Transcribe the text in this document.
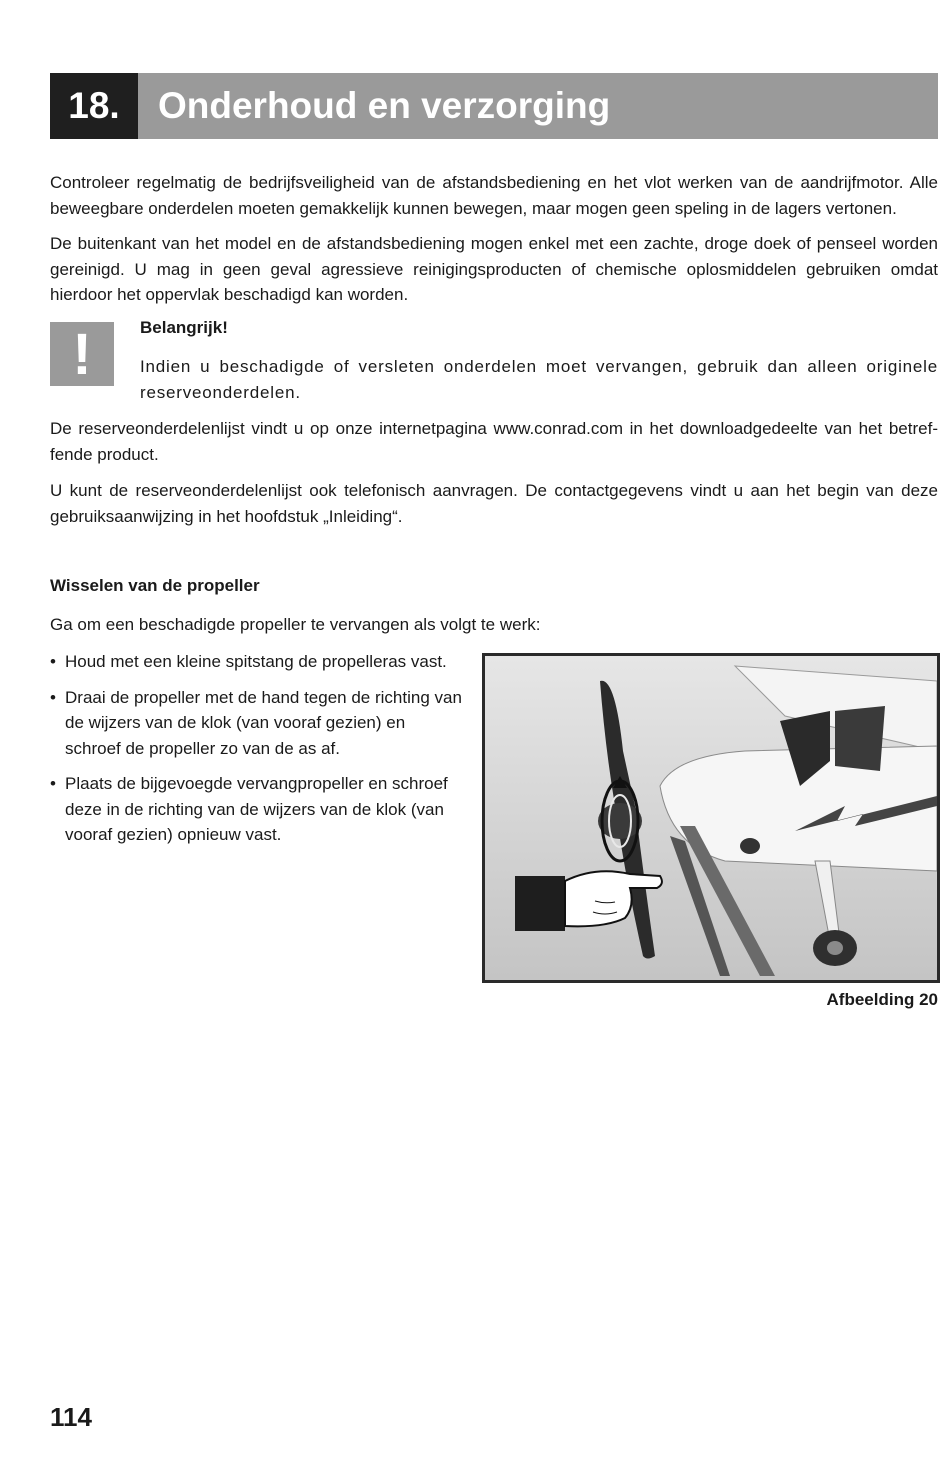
18.	Onderhoud en verzorging

Controleer regelmatig de bedrijfsveiligheid van de afstandsbediening en het vlot werken van de aandrijfmotor. Alle beweegbare onderdelen moeten gemakkelijk kunnen bewegen, maar mogen geen speling in de lagers vertonen.

De buitenkant van het model en de afstandsbediening mogen enkel met een zachte, droge doek of penseel worden gereinigd. U mag in geen geval agressieve reinigingsproducten of chemische oplosmiddelen gebruiken omdat hierdoor het oppervlak beschadigd kan worden.

!	Belangrijk!
Indien u beschadigde of versleten onderdelen moet vervangen, gebruik dan alleen originele reserveonderdelen.

De reserveonderdelenlijst vindt u op onze internetpagina www.conrad.com in het downloadgedeelte van het betref-fende product.

U kunt de reserveonderdelenlijst ook telefonisch aanvragen. De contactgegevens vindt u aan het begin van deze gebruiksaanwijzing in het hoofdstuk „Inleiding“.

Wisselen van de propeller

Ga om een beschadigde propeller te vervangen als volgt te werk:

• Houd met een kleine spitstang de propelleras vast.
• Draai de propeller met de hand tegen de richting van de wijzers van de klok (van vooraf gezien) en schroef de propeller zo van de as af.
• Plaats de bijgevoegde vervangpropeller en schroef deze in de richting van de wijzers van de klok (van vooraf gezien) opnieuw vast.
Afbeelding 20
114
